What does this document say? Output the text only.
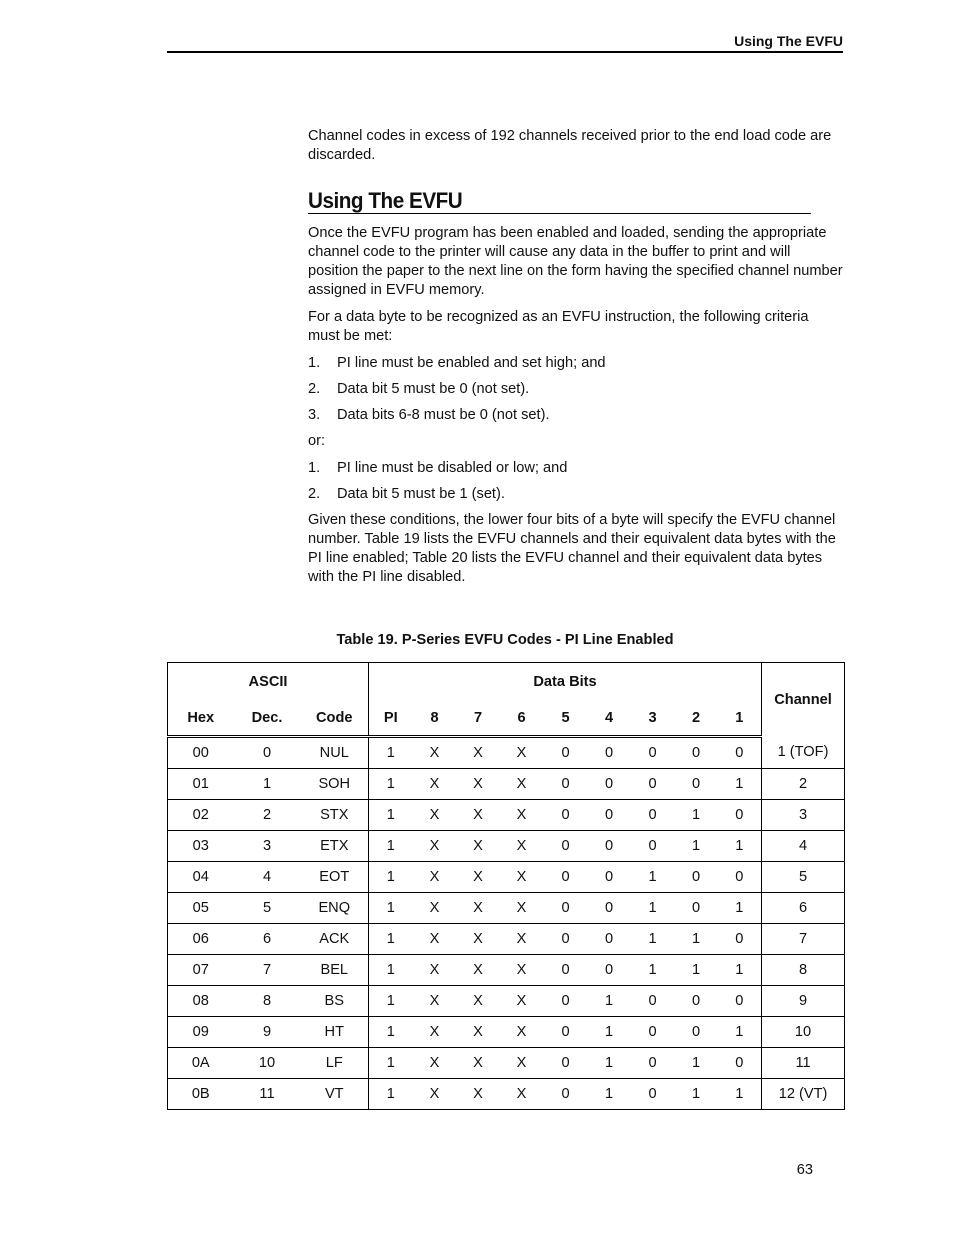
Using The EVFU

Channel codes in excess of 192 channels received prior to the end load code are discarded.

Using The EVFU

Once the EVFU program has been enabled and loaded, sending the appropriate channel code to the printer will cause any data in the buffer to print and will position the paper to the next line on the form having the specified channel number assigned in EVFU memory.

For a data byte to be recognized as an EVFU instruction, the following criteria must be met:

1.	PI line must be enabled and set high; and
2.	Data bit 5 must be 0 (not set).
3.	Data bits 6-8 must be 0 (not set).

or:

1.	PI line must be disabled or low; and
2.	Data bit 5 must be 1 (set).

Given these conditions, the lower four bits of a byte will specify the EVFU channel number. Table 19 lists the EVFU channels and their equivalent data bytes with the PI line enabled; Table 20 lists the EVFU channel and their equivalent data bytes with the PI line disabled.

Table 19. P-Series EVFU Codes - PI Line Enabled
ASCII			Data Bits									Channel
Hex	Dec.	Code	PI	8	7	6	5	4	3	2	1	
00	0	NUL	1	X	X	X	0	0	0	0	0	1 (TOF)
01	1	SOH	1	X	X	X	0	0	0	0	1	2
02	2	STX	1	X	X	X	0	0	0	1	0	3
03	3	ETX	1	X	X	X	0	0	0	1	1	4
04	4	EOT	1	X	X	X	0	0	1	0	0	5
05	5	ENQ	1	X	X	X	0	0	1	0	1	6
06	6	ACK	1	X	X	X	0	0	1	1	0	7
07	7	BEL	1	X	X	X	0	0	1	1	1	8
08	8	BS	1	X	X	X	0	1	0	0	0	9
09	9	HT	1	X	X	X	0	1	0	0	1	10
0A	10	LF	1	X	X	X	0	1	0	1	0	11
0B	11	VT	1	X	X	X	0	1	0	1	1	12 (VT)
63
